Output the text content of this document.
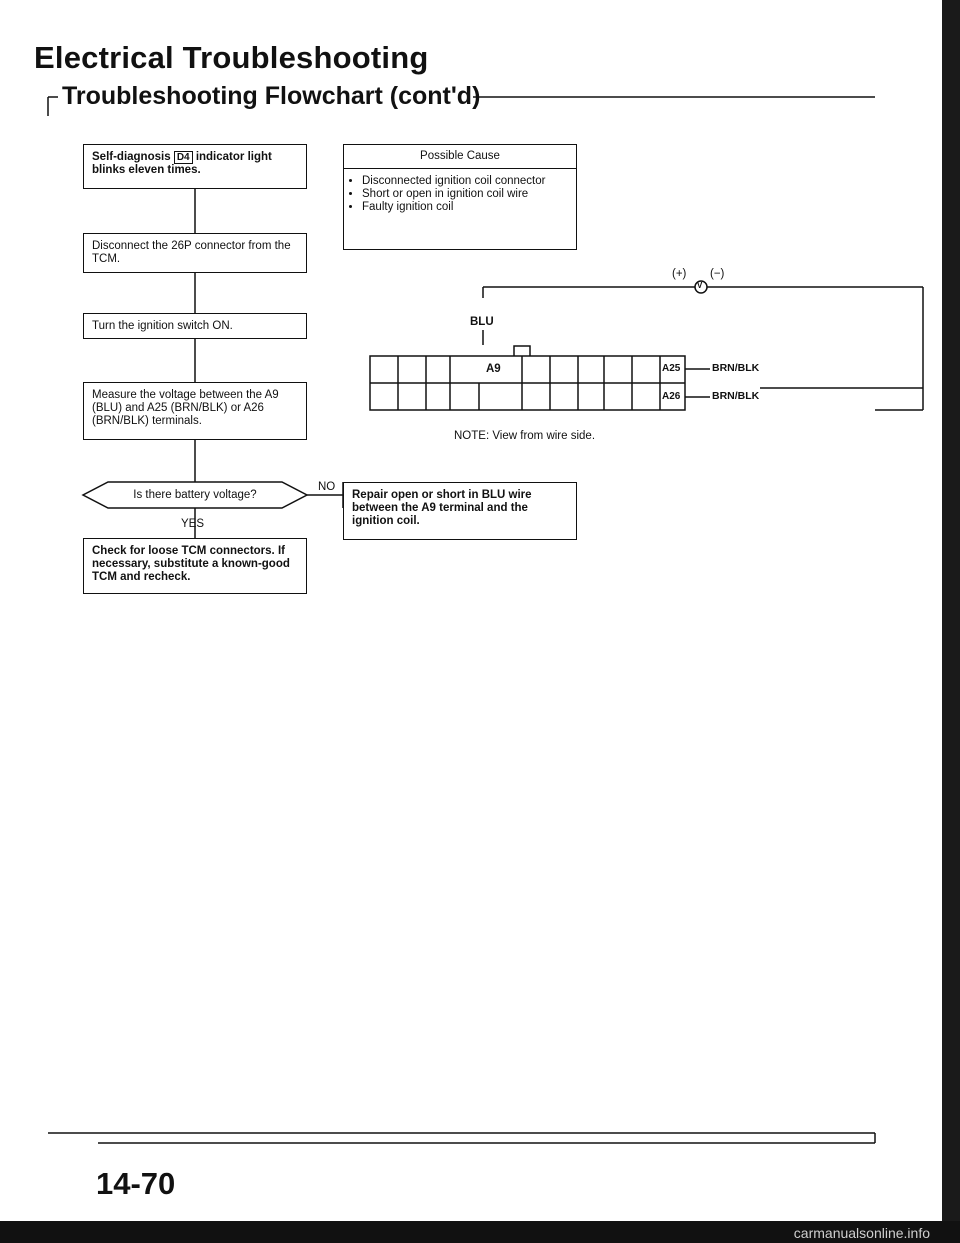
Electrical Troubleshooting
Troubleshooting Flowchart (cont'd)
Self-diagnosis D4 indicator light blinks eleven times.
Disconnect the 26P connector from the TCM.
Turn the ignition switch ON.
Measure the voltage between the A9 (BLU) and A25 (BRN/BLK) or A26 (BRN/BLK) terminals.
Is there battery voltage?
NO
YES
Repair open or short in BLU wire between the A9 terminal and the ignition coil.
Check for loose TCM connectors. If necessary, substitute a known-good TCM and recheck.
Possible Cause
• Disconnected ignition coil connector
• Short or open in ignition coil wire
• Faulty ignition coil
(+) (−)
V
BLU
A9	A25
A26
BRN/BLK
BRN/BLK
NOTE: View from wire side.
14-70
carmanualsonline.info
